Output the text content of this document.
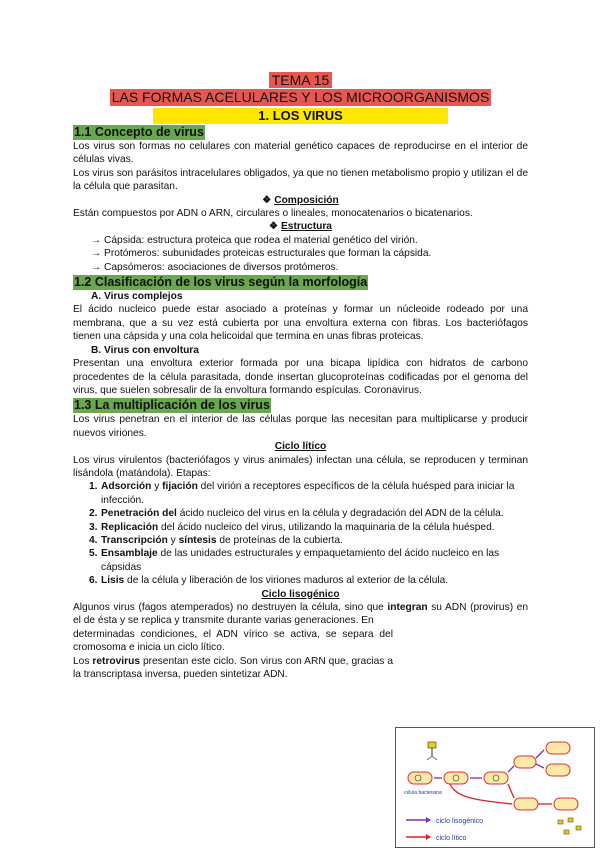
TEMA 15
LAS FORMAS ACELULARES Y LOS MICROORGANISMOS
1. LOS VIRUS
1.1 Concepto de virus

Los virus son formas no celulares con material genético capaces de reproducirse en el interior de células vivas.

Los virus son parásitos intracelulares obligados, ya que no tienen metabolismo propio y utilizan el de la célula que parasitan.

❖ Composición

Están compuestos por ADN o ARN, circulares o lineales, monocatenarios o bicatenarios.

❖ Estructura
→ Cápsida: estructura proteica que rodea el material genético del virión.
→ Protómeros: subunidades proteicas estructurales que forman la cápsida.
→ Capsómeros: asociaciones de diversos protómeros.
1.2 Clasificación de los virus según la morfología
A. Virus complejos

El ácido nucleico puede estar asociado a proteínas y formar un núcleoide rodeado por una membrana, que a su vez está cubierta por una envoltura externa con fibras. Los bacteriófagos tienen una cápsida y una cola helicoidal que termina en unas fibras proteicas.

B. Virus con envoltura

Presentan una envoltura exterior formada por una bicapa lipídica con hidratos de carbono procedentes de la célula parasitada, donde insertan glucoproteínas codificadas por el genoma del virus, que suelen sobresalir de la envoltura formando espículas. Coronavirus.

1.3 La multiplicación de los virus

Los virus penetran en el interior de las células porque las necesitan para multiplicarse y producir nuevos viriones.

Ciclo lítico

Los virus virulentos (bacteriófagos y virus animales) infectan una célula, se reproducen y terminan lisándola (matándola). Etapas:

1. Adsorción y fijación del virión a receptores específicos de la célula huésped para iniciar la infección.
2. Penetración del ácido nucleico del virus en la célula y degradación del ADN de la célula.
3. Replicación del ácido nucleico del virus, utilizando la maquinaria de la célula huésped.
4. Transcripción y síntesis de proteínas de la cubierta.
5. Ensamblaje de las unidades estructurales y empaquetamiento del ácido nucleico en las cápsidas
6. Lisis de la célula y liberación de los viriones maduros al exterior de la célula.
Ciclo lisogénico

Algunos virus (fagos atemperados) no destruyen la célula, sino que integran su ADN (provirus) en el de ésta y se replica y transmite durante varias generaciones. En

determinadas condiciones, el ADN vírico se activa, se separa del cromosoma e inicia un ciclo lítico.

Los retrovirus presentan este ciclo. Son virus con ARN que, gracias a la transcriptasa inversa, pueden sintetizar ADN.

célula bacteriana
ciclo lisogénico
ciclo lítico
